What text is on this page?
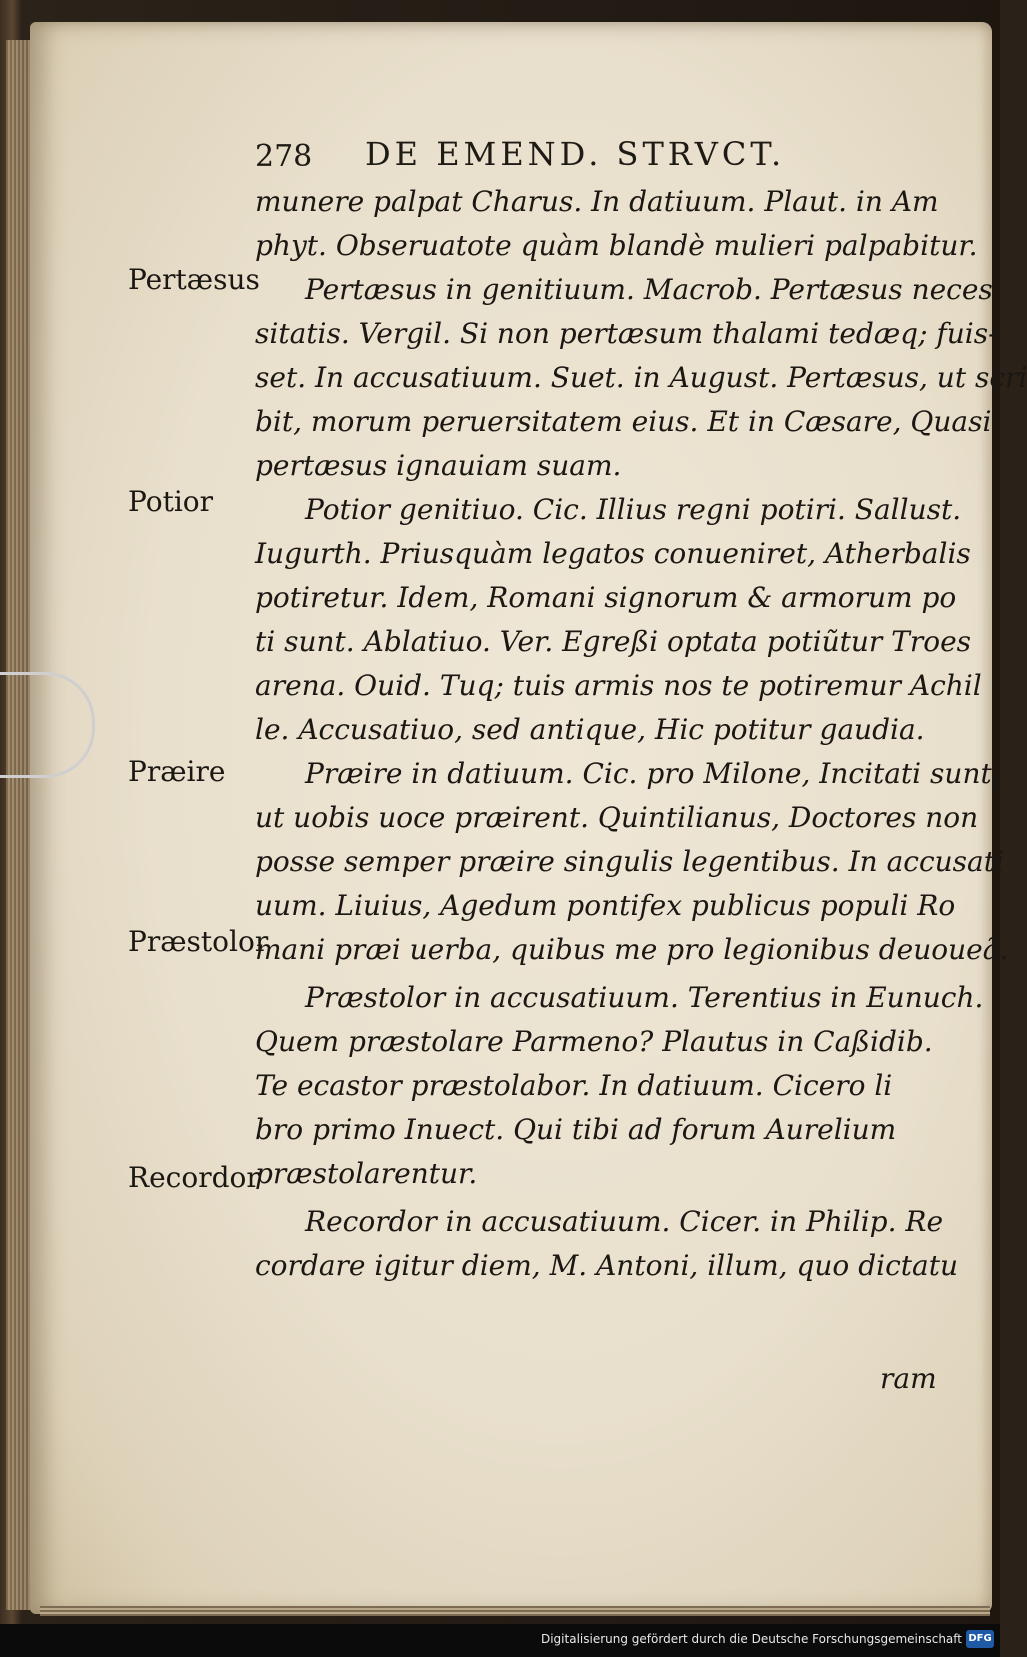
278 DE EMEND. STRVCT.
Pertæsus
Potior
Præire
Præstolor
Recordor
munere palpat Charus. In datiuum. Plaut. in Am
phyt. Obseruatote quàm blandè mulieri palpabitur.
Pertæsus in genitiuum. Macrob. Pertæsus neces
sitatis. Vergil. Si non pertæsum thalami tedæq; fuis-
set. In accusatiuum. Suet. in August. Pertæsus, ut scri
bit, morum peruersitatem eius. Et in Cæsare, Quasi
pertæsus ignauiam suam.
Potior genitiuo. Cic. Illius regni potiri. Sallust.
Iugurth. Priusquàm legatos conueniret, Atherbalis
potiretur. Idem, Romani signorum & armorum po
ti sunt. Ablatiuo. Ver. Egreßi optata potiũtur Troes
arena. Ouid. Tuq; tuis armis nos te potiremur Achil
le. Accusatiuo, sed antique, Hic potitur gaudia.
Præire in datiuum. Cic. pro Milone, Incitati sunt,
ut uobis uoce præirent. Quintilianus, Doctores non
posse semper præire singulis legentibus. In accusati
uum. Liuius, Agedum pontifex publicus populi Ro
mani præi uerba, quibus me pro legionibus deuoueã.
Præstolor in accusatiuum. Terentius in Eunuch.
Quem præstolare Parmeno? Plautus in Caßidib.
Te ecastor præstolabor. In datiuum. Cicero li
bro primo Inuect. Qui tibi ad forum Aurelium
præstolarentur.
Recordor in accusatiuum. Cicer. in Philip. Re
cordare igitur diem, M. Antoni, illum, quo dictatu
ram
Digitalisierung gefördert durch die Deutsche Forschungsgemeinschaft DFG
